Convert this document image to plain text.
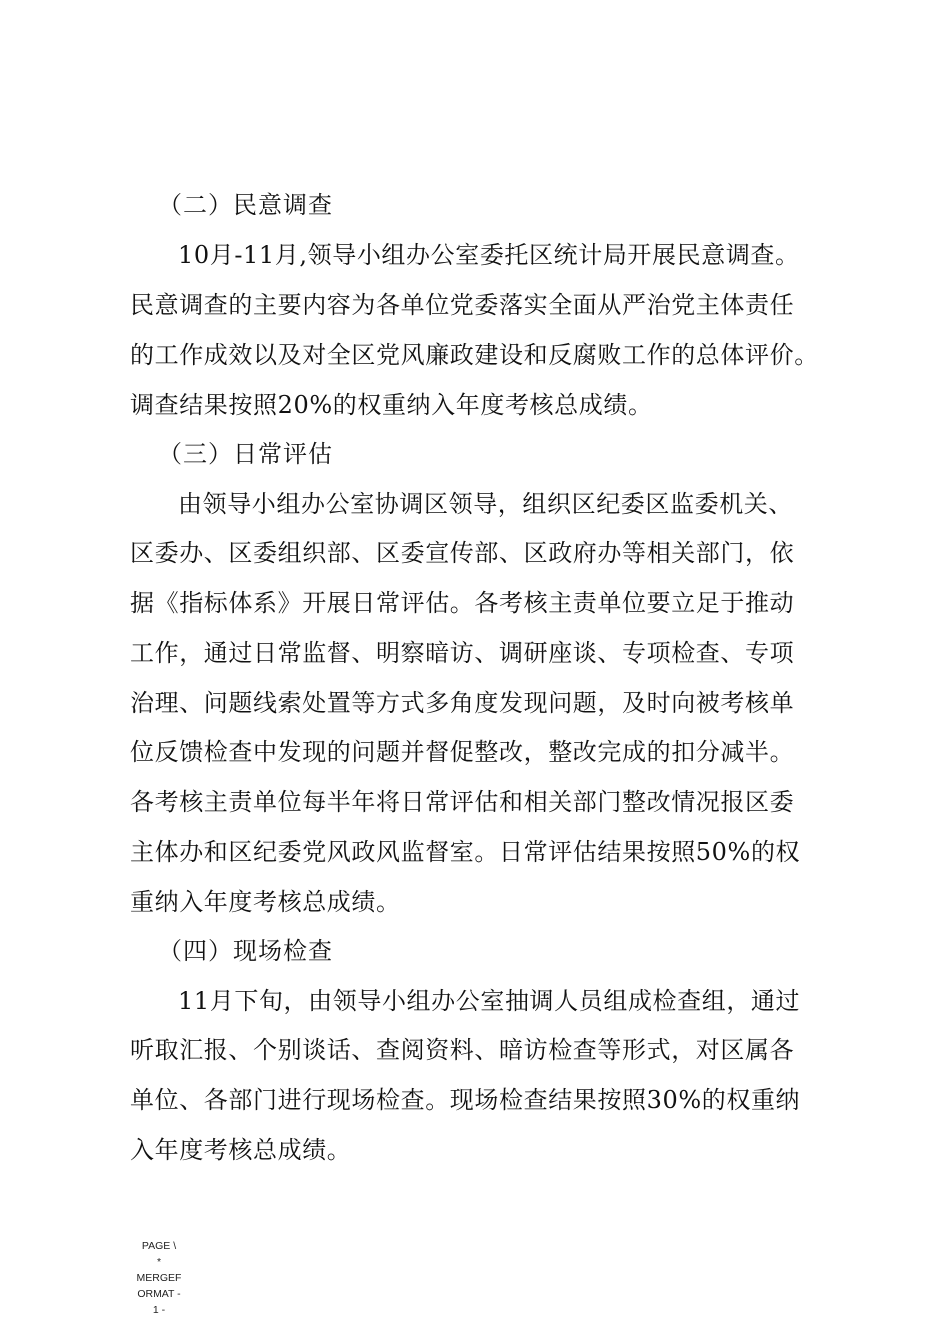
（二）民意调查
10月-11月,领导小组办公室委托区统计局开展民意调查。
民意调查的主要内容为各单位党委落实全面从严治党主体责任
的工作成效以及对全区党风廉政建设和反腐败工作的总体评价。
调查结果按照20%的权重纳入年度考核总成绩。
（三）日常评估
由领导小组办公室协调区领导，组织区纪委区监委机关、
区委办、区委组织部、区委宣传部、区政府办等相关部门，依
据《指标体系》开展日常评估。各考核主责单位要立足于推动
工作，通过日常监督、明察暗访、调研座谈、专项检查、专项
治理、问题线索处置等方式多角度发现问题，及时向被考核单
位反馈检查中发现的问题并督促整改，整改完成的扣分减半。
各考核主责单位每半年将日常评估和相关部门整改情况报区委
主体办和区纪委党风政风监督室。日常评估结果按照50%的权
重纳入年度考核总成绩。
（四）现场检查
11月下旬，由领导小组办公室抽调人员组成检查组，通过
听取汇报、个别谈话、查阅资料、暗访检查等形式，对区属各
单位、各部门进行现场检查。现场检查结果按照30%的权重纳
入年度考核总成绩。
PAGE \
*
MERGEF
ORMAT -
1 -
